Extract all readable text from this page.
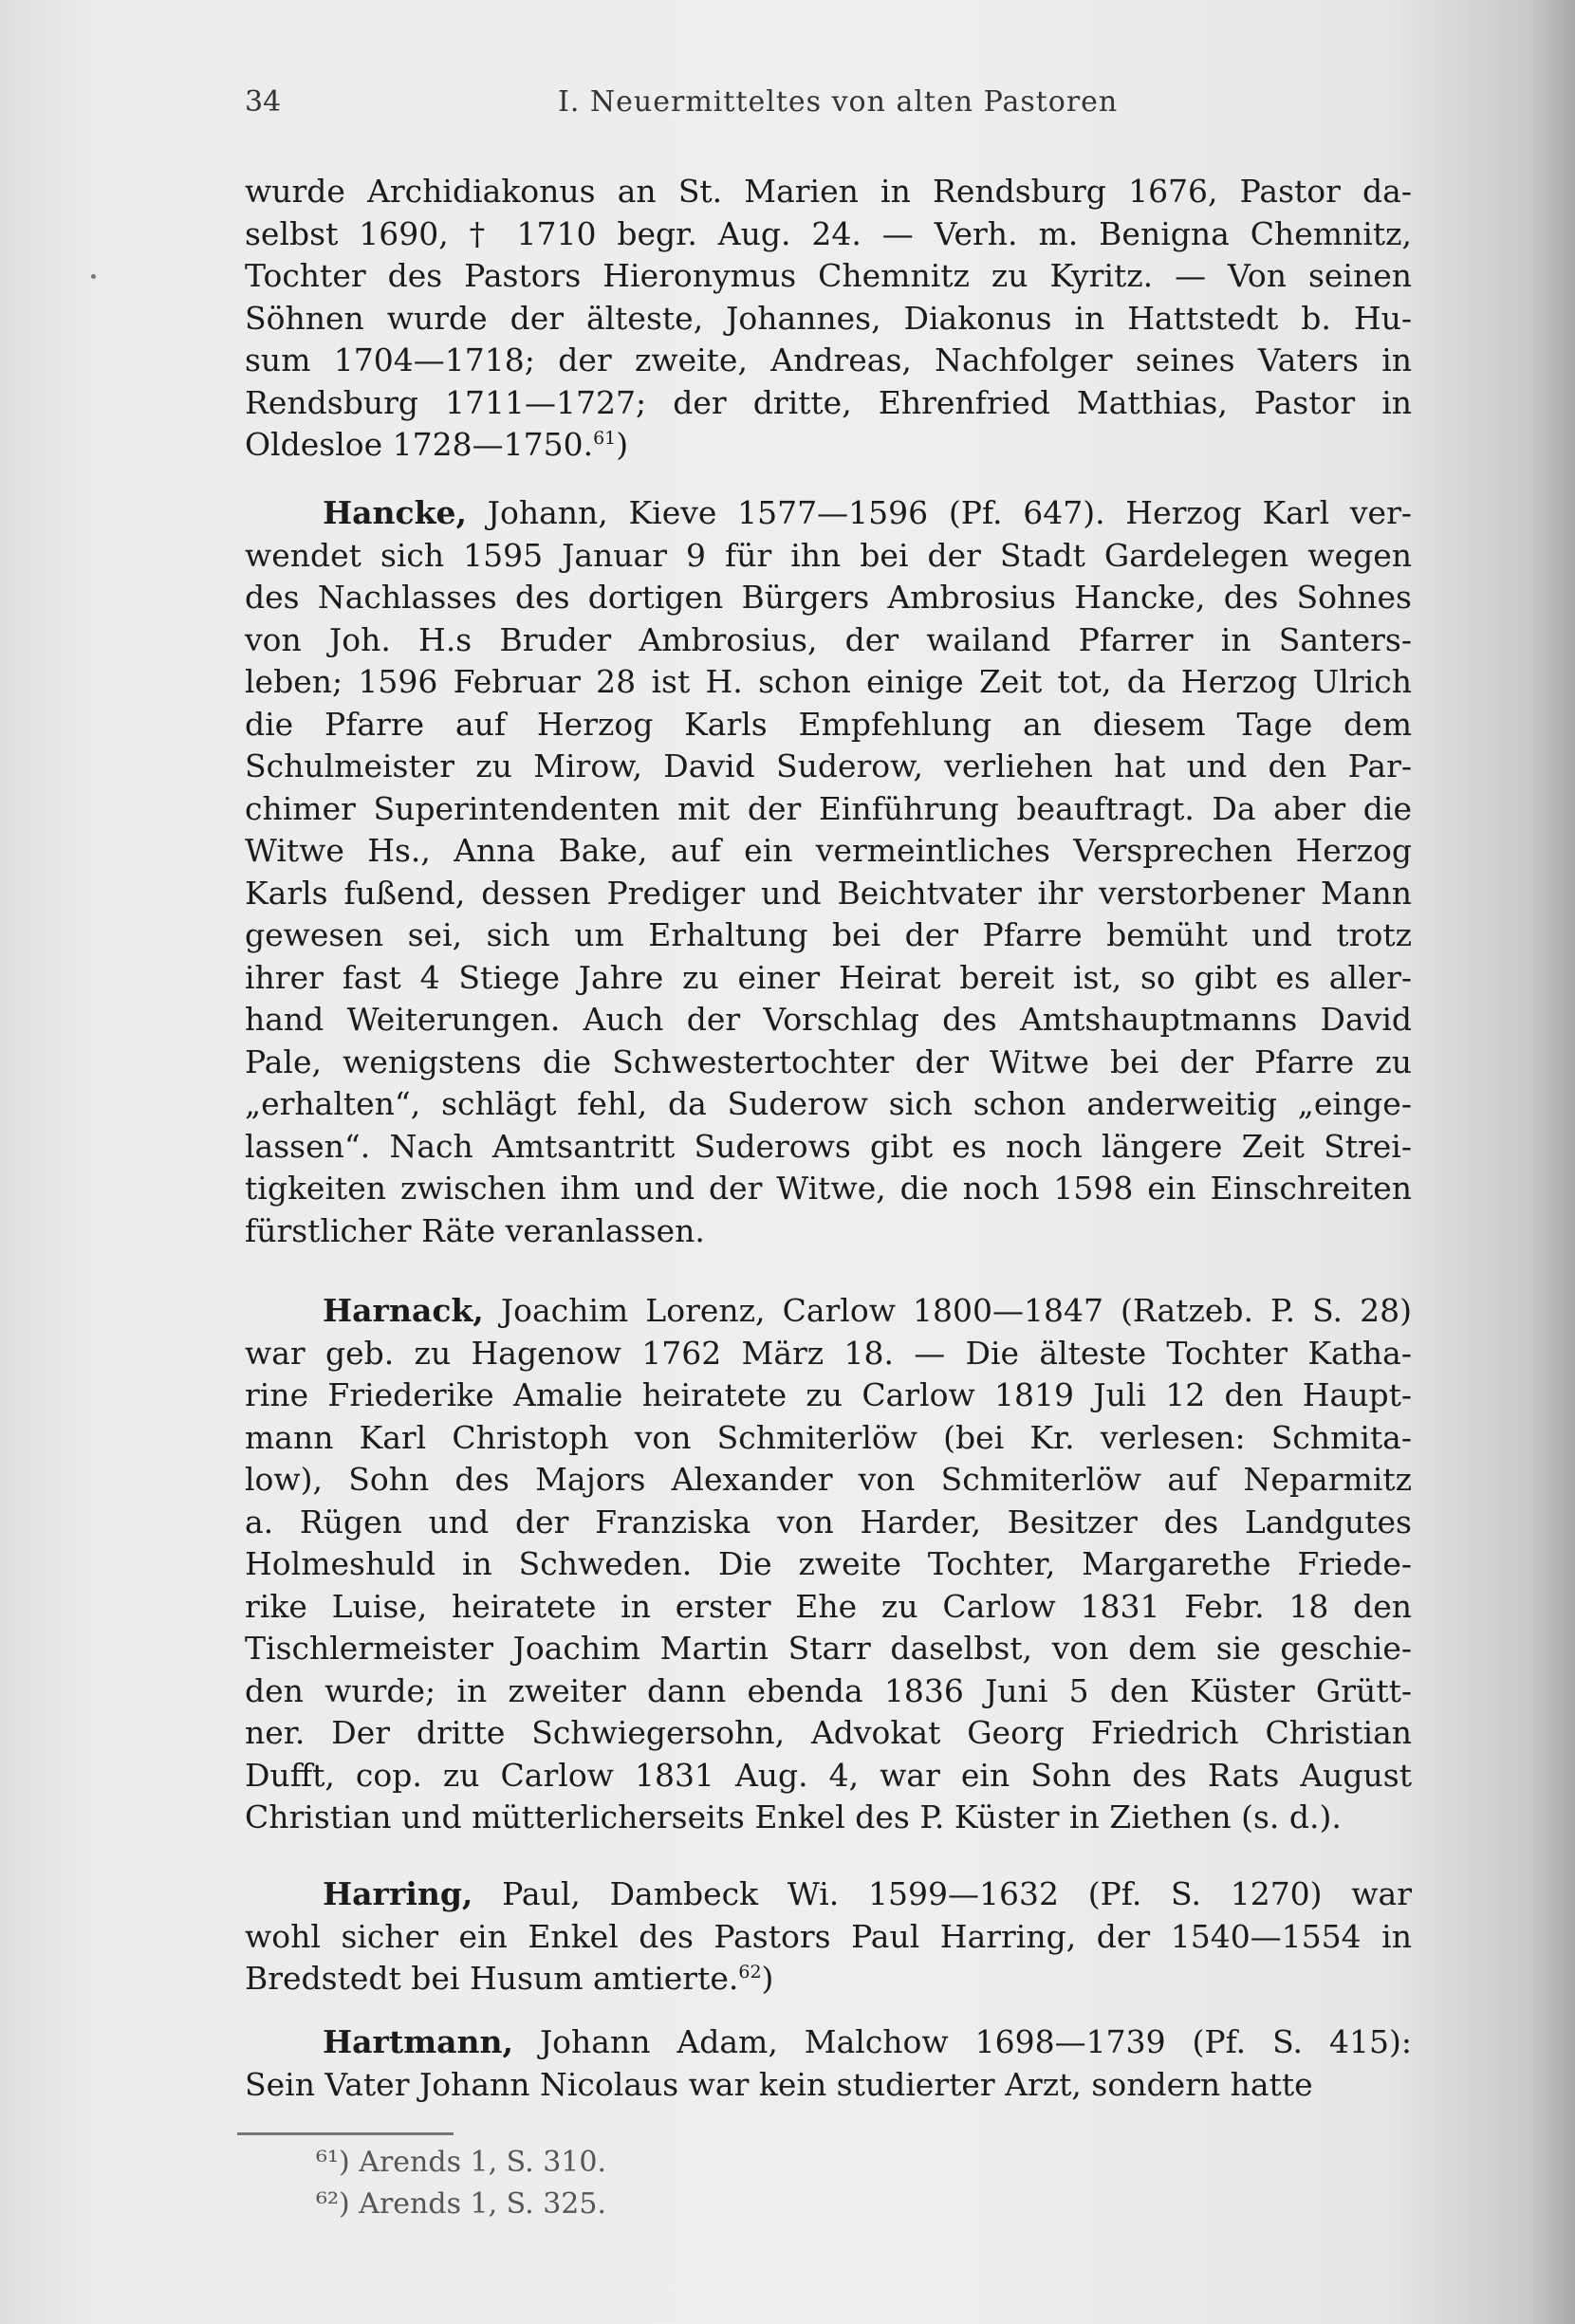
34	I. Neuermitteltes von alten Pastoren
wurde Archidiakonus an St. Marien in Rendsburg 1676, Pastor da-
selbst 1690, † 1710 begr. Aug. 24. — Verh. m. Benigna Chemnitz,
Tochter des Pastors Hieronymus Chemnitz zu Kyritz. — Von seinen
Söhnen wurde der älteste, Johannes, Diakonus in Hattstedt b. Hu-
sum 1704—1718; der zweite, Andreas, Nachfolger seines Vaters in
Rendsburg 1711—1727; der dritte, Ehrenfried Matthias, Pastor in
Oldesloe 1728—1750.61)
Hancke, Johann, Kieve 1577—1596 (Pf. 647). Herzog Karl ver-
wendet sich 1595 Januar 9 für ihn bei der Stadt Gardelegen wegen
des Nachlasses des dortigen Bürgers Ambrosius Hancke, des Sohnes
von Joh. H.s Bruder Ambrosius, der wailand Pfarrer in Santers-
leben; 1596 Februar 28 ist H. schon einige Zeit tot, da Herzog Ulrich
die Pfarre auf Herzog Karls Empfehlung an diesem Tage dem
Schulmeister zu Mirow, David Suderow, verliehen hat und den Par-
chimer Superintendenten mit der Einführung beauftragt. Da aber die
Witwe Hs., Anna Bake, auf ein vermeintliches Versprechen Herzog
Karls fußend, dessen Prediger und Beichtvater ihr verstorbener Mann
gewesen sei, sich um Erhaltung bei der Pfarre bemüht und trotz
ihrer fast 4 Stiege Jahre zu einer Heirat bereit ist, so gibt es aller-
hand Weiterungen. Auch der Vorschlag des Amtshauptmanns David
Pale, wenigstens die Schwestertochter der Witwe bei der Pfarre zu
„erhalten“, schlägt fehl, da Suderow sich schon anderweitig „einge-
lassen“. Nach Amtsantritt Suderows gibt es noch längere Zeit Strei-
tigkeiten zwischen ihm und der Witwe, die noch 1598 ein Einschreiten
fürstlicher Räte veranlassen.
Harnack, Joachim Lorenz, Carlow 1800—1847 (Ratzeb. P. S. 28)
war geb. zu Hagenow 1762 März 18. — Die älteste Tochter Katha-
rine Friederike Amalie heiratete zu Carlow 1819 Juli 12 den Haupt-
mann Karl Christoph von Schmiterlöw (bei Kr. verlesen: Schmita-
low), Sohn des Majors Alexander von Schmiterlöw auf Neparmitz
a. Rügen und der Franziska von Harder, Besitzer des Landgutes
Holmeshuld in Schweden. Die zweite Tochter, Margarethe Friede-
rike Luise, heiratete in erster Ehe zu Carlow 1831 Febr. 18 den
Tischlermeister Joachim Martin Starr daselbst, von dem sie geschie-
den wurde; in zweiter dann ebenda 1836 Juni 5 den Küster Grütt-
ner. Der dritte Schwiegersohn, Advokat Georg Friedrich Christian
Dufft, cop. zu Carlow 1831 Aug. 4, war ein Sohn des Rats August
Christian und mütterlicherseits Enkel des P. Küster in Ziethen (s. d.).
Harring, Paul, Dambeck Wi. 1599—1632 (Pf. S. 1270) war
wohl sicher ein Enkel des Pastors Paul Harring, der 1540—1554 in
Bredstedt bei Husum amtierte.$^{62}$)
Hartmann, Johann Adam, Malchow 1698—1739 (Pf. S. 415):
Sein Vater Johann Nicolaus war kein studierter Arzt, sondern hatte
⁶¹) Arends 1, S. 310.
⁶²) Arends 1, S. 325.
